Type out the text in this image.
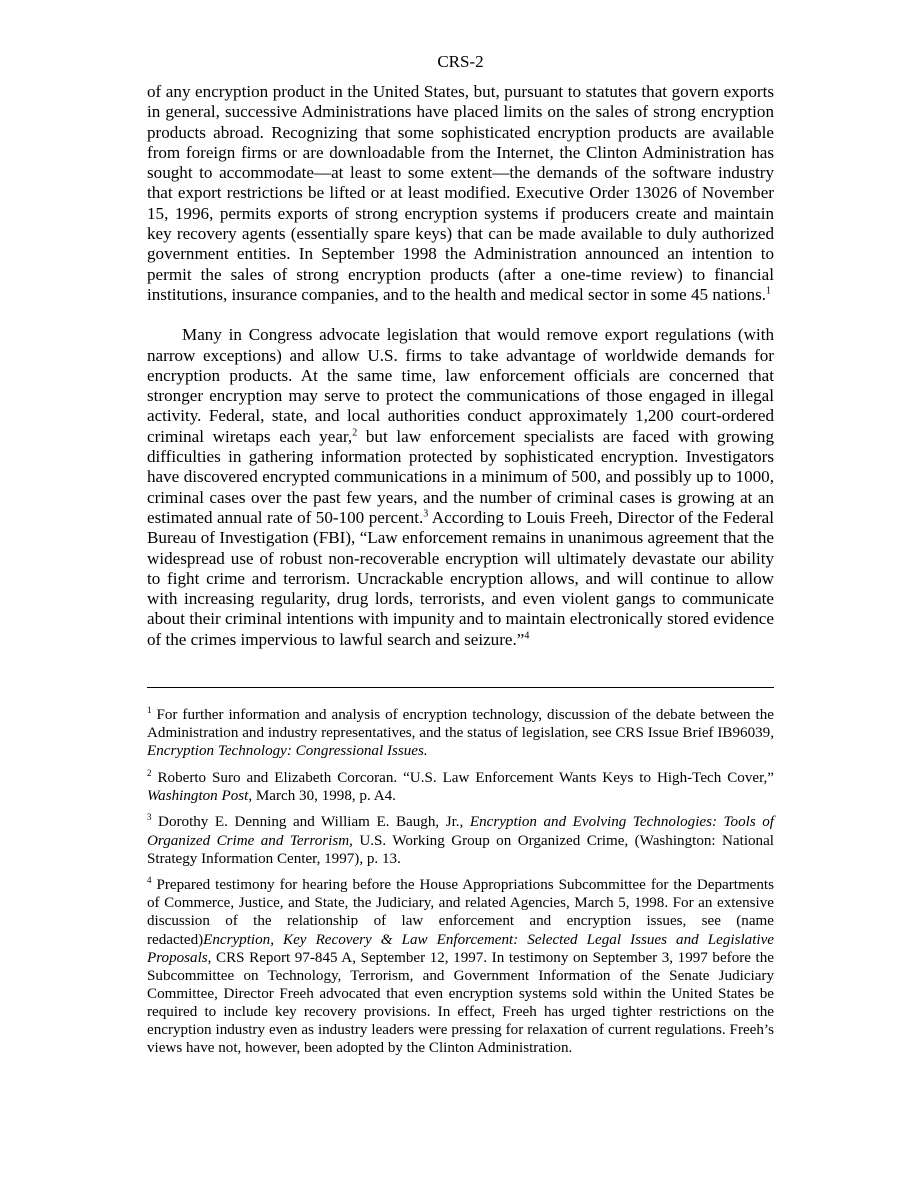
CRS-2

of any encryption product in the United States, but, pursuant to statutes that govern exports in general, successive Administrations have placed limits on the sales of strong encryption products abroad. Recognizing that some sophisticated encryption products are available from foreign firms or are downloadable from the Internet, the Clinton Administration has sought to accommodate—at least to some extent—the demands of the software industry that export restrictions be lifted or at least modified. Executive Order 13026 of November 15, 1996, permits exports of strong encryption systems if producers create and maintain key recovery agents (essentially spare keys) that can be made available to duly authorized government entities. In September 1998 the Administration announced an intention to permit the sales of strong encryption products (after a one-time review) to financial institutions, insurance companies, and to the health and medical sector in some 45 nations.$^1$

Many in Congress advocate legislation that would remove export regulations (with narrow exceptions) and allow U.S. firms to take advantage of worldwide demands for encryption products. At the same time, law enforcement officials are concerned that stronger encryption may serve to protect the communications of those engaged in illegal activity. Federal, state, and local authorities conduct approximately 1,200 court-ordered criminal wiretaps each year,$^2$ but law enforcement specialists are faced with growing difficulties in gathering information protected by sophisticated encryption. Investigators have discovered encrypted communications in a minimum of 500, and possibly up to 1000, criminal cases over the past few years, and the number of criminal cases is growing at an estimated annual rate of 50-100 percent.$^3$ According to Louis Freeh, Director of the Federal Bureau of Investigation (FBI), “Law enforcement remains in unanimous agreement that the widespread use of robust non-recoverable encryption will ultimately devastate our ability to fight crime and terrorism. Uncrackable encryption allows, and will continue to allow with increasing regularity, drug lords, terrorists, and even violent gangs to communicate about their criminal intentions with impunity and to maintain electronically stored evidence of the crimes impervious to lawful search and seizure.”$^4$

$^1$ For further information and analysis of encryption technology, discussion of the debate between the Administration and industry representatives, and the status of legislation, see CRS Issue Brief IB96039, Encryption Technology: Congressional Issues.

$^2$ Roberto Suro and Elizabeth Corcoran. “U.S. Law Enforcement Wants Keys to High-Tech Cover,” Washington Post, March 30, 1998, p. A4.

$^3$ Dorothy E. Denning and William E. Baugh, Jr., Encryption and Evolving Technologies: Tools of Organized Crime and Terrorism, U.S. Working Group on Organized Crime, (Washington: National Strategy Information Center, 1997), p. 13.

$^4$ Prepared testimony for hearing before the House Appropriations Subcommittee for the Departments of Commerce, Justice, and State, the Judiciary, and related Agencies, March 5, 1998. For an extensive discussion of the relationship of law enforcement and encryption issues, see (name redacted)Encryption, Key Recovery & Law Enforcement: Selected Legal Issues and Legislative Proposals, CRS Report 97-845 A, September 12, 1997. In testimony on September 3, 1997 before the Subcommittee on Technology, Terrorism, and Government Information of the Senate Judiciary Committee, Director Freeh advocated that even encryption systems sold within the United States be required to include key recovery provisions. In effect, Freeh has urged tighter restrictions on the encryption industry even as industry leaders were pressing for relaxation of current regulations. Freeh’s views have not, however, been adopted by the Clinton Administration.
